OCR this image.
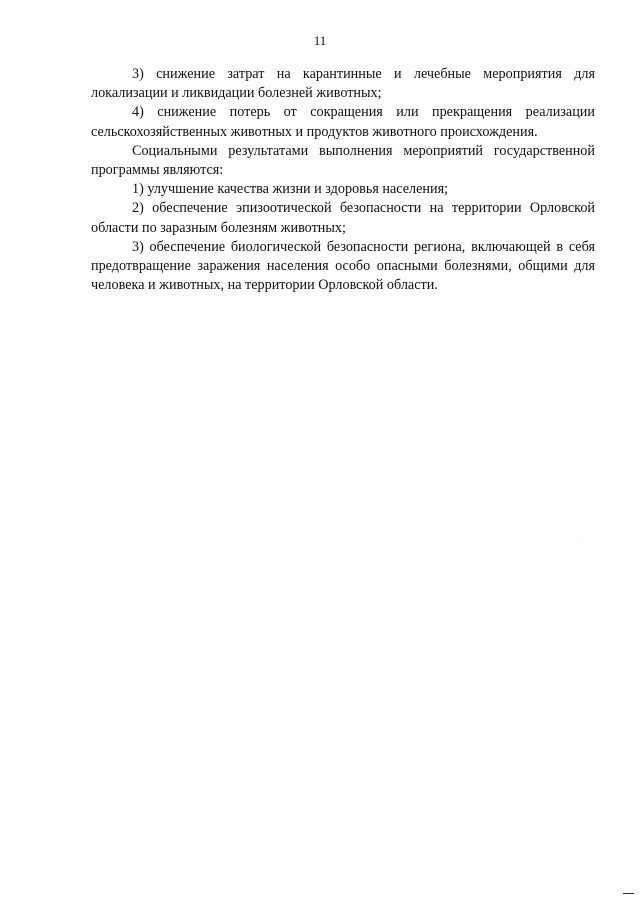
11

3) снижение затрат на карантинные и лечебные мероприятия для локализации и ликвидации болезней животных;

4) снижение потерь от сокращения или прекращения реализации сельскохозяйственных животных и продуктов животного происхождения.

Социальными результатами выполнения мероприятий государственной программы являются:

1) улучшение качества жизни и здоровья населения;

2) обеспечение эпизоотической безопасности на территории Орловской области по заразным болезням животных;

3) обеспечение биологической безопасности региона, включающей в себя предотвращение заражения населения особо опасными болезнями, общими для человека и животных, на территории Орловской области.
